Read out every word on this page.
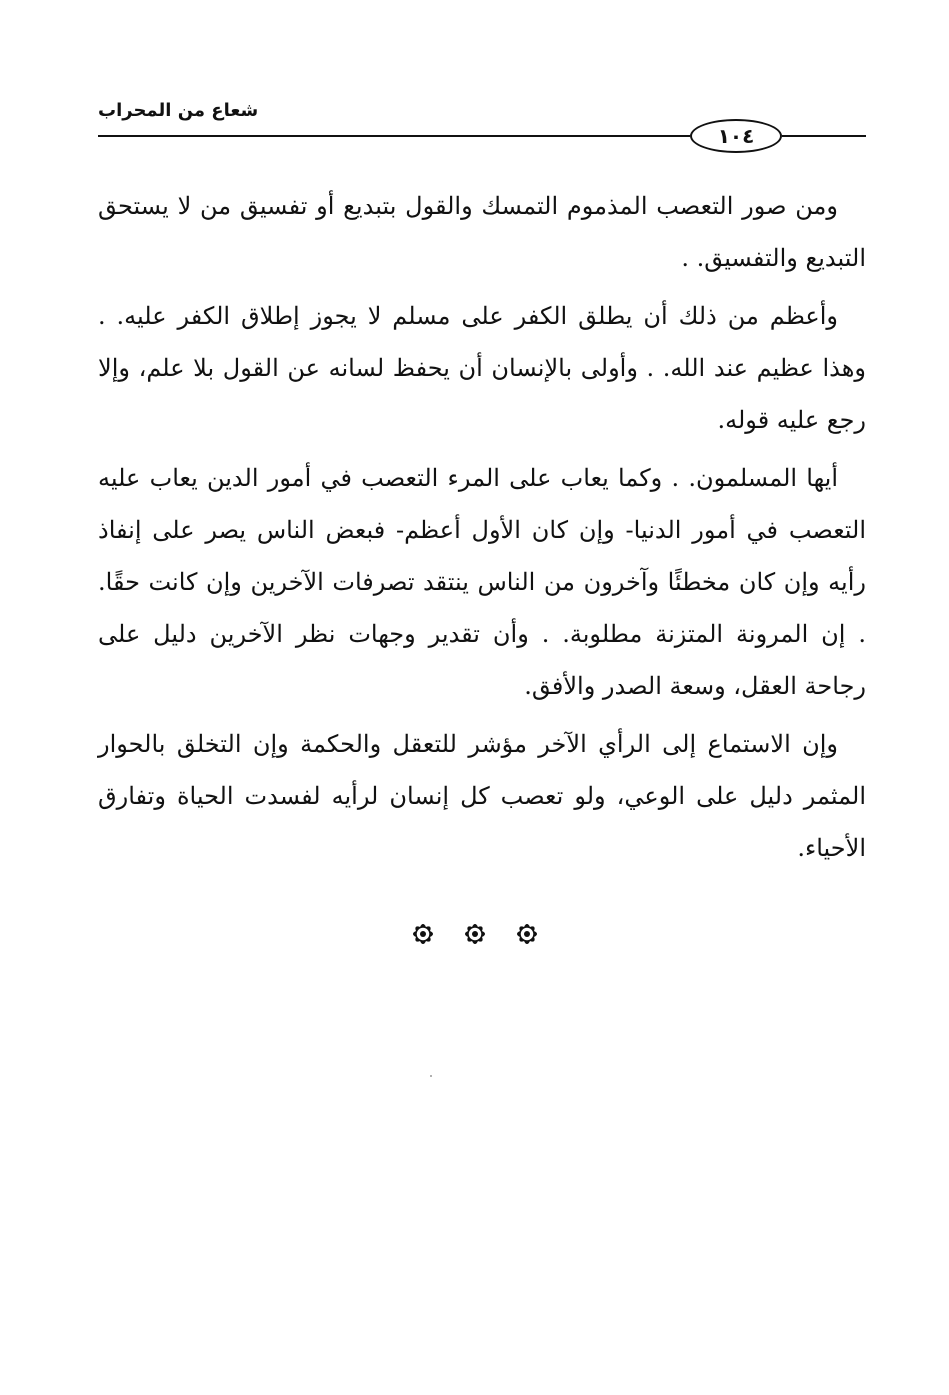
شعاع من المحراب
١٠٤

ومن صور التعصب المذموم التمسك والقول بتبديع أو تفسيق من لا يستحق التبديع والتفسيق. .

وأعظم من ذلك أن يطلق الكفر على مسلم لا يجوز إطلاق الكفر عليه. . وهذا عظيم عند الله. . وأولى بالإنسان أن يحفظ لسانه عن القول بلا علم، وإلا رجع عليه قوله.

أيها المسلمون. . وكما يعاب على المرء التعصب في أمور الدين يعاب عليه التعصب في أمور الدنيا- وإن كان الأول أعظم- فبعض الناس يصر على إنفاذ رأيه وإن كان مخطئًا وآخرون من الناس ينتقد تصرفات الآخرين وإن كانت حقًا. . إن المرونة المتزنة مطلوبة. . وأن تقدير وجهات نظر الآخرين دليل على رجاحة العقل، وسعة الصدر والأفق.

وإن الاستماع إلى الرأي الآخر مؤشر للتعقل والحكمة وإن التخلق بالحوار المثمر دليل على الوعي، ولو تعصب كل إنسان لرأيه لفسدت الحياة وتفارق الأحياء.
